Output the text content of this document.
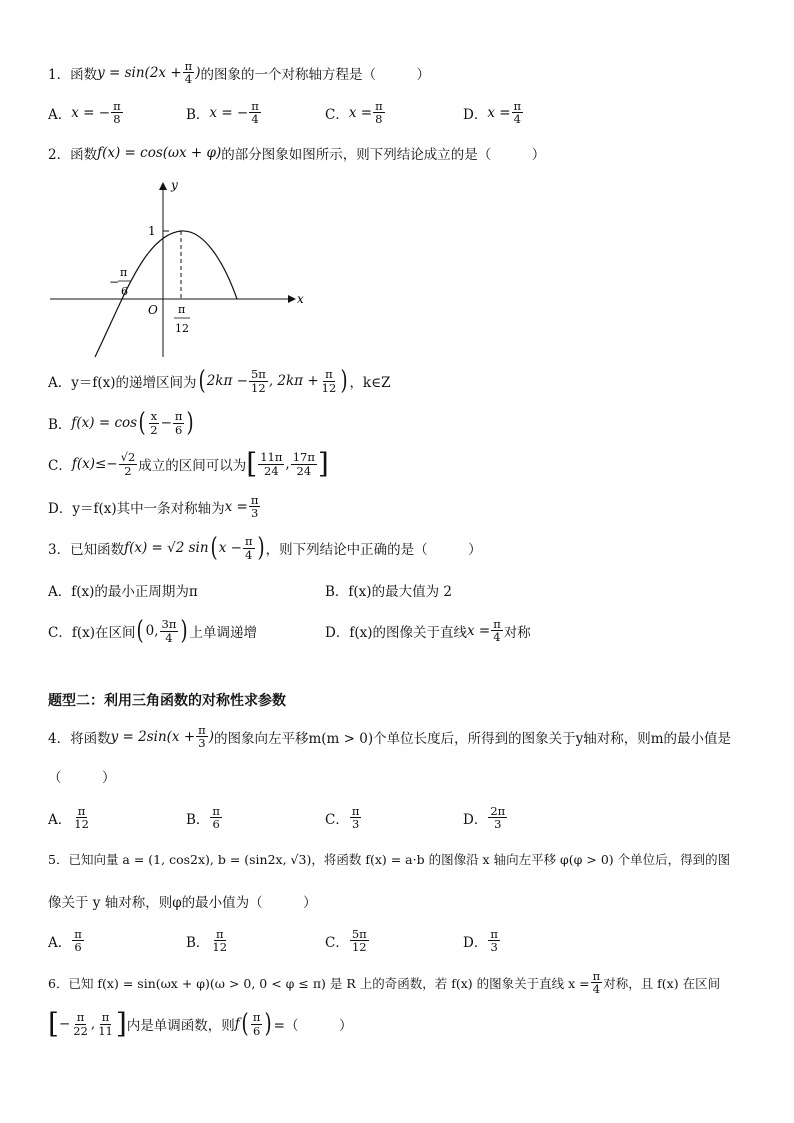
1．函数 $y = \sin(2x + \frac{\pi}{4}$ ) 的图象的一个对称轴方程是（　　　）
A． x = − $\frac{\pi}{8}$	B． x = − $\frac{\pi}{4}$	C． $x = \frac{\pi}{8}$	D． $x = \frac{\pi}{4}$
2．函数 f(x) = cos(ωx + φ) 的部分图象如图所示，则下列结论成立的是（　　　）
y
x
O
1
−
π
6
π
12
A． y＝f(x)的递增区间为 ( $2k\pi - \frac{5\pi}{12}$ , $2k\pi + \frac{\pi}{12}$ ) ，k∈Z
B． f(x) = cos ( $\frac{x}{2} - \frac{\pi}{6}$ )
C． $f(x)\le- \frac{√2}{2}$ 成立的区间可以为 [ $\frac{11\pi}{24}$ , $\frac{17\pi}{24}$ ]
D． y＝f(x)其中一条对称轴为 $x = \frac{\pi}{3}$
3．已知函数 f(x) = √2 sin ( $x - \frac{\pi}{4}$ ) ，则下列结论中正确的是（　　　）
A．f(x)的最小正周期为π	B．f(x)的最大值为 2
C．f(x)在区间 ( 0, $\frac{3\pi}{4}$ ) 上单调递增	D．f(x)的图像关于直线 $x = \frac{\pi}{4}$ 对称
题型二：利用三角函数的对称性求参数
4．将函数 $y = 2\sin(x + \frac{\pi}{3}$ ) 的图象向左平移m(m > 0)个单位长度后，所得到的图象关于y轴对称，则m的最小值是
（　　　）
A． $\frac{\pi}{12}$	B． $\frac{\pi}{6}$	C． $\frac{\pi}{3}$	D． $\frac{2\pi}{3}$
5．已知向量 a = (1, cos2x), b = (sin2x, √3)，将函数 f(x) = a·b 的图像沿 x 轴向左平移 φ(φ > 0) 个单位后，得到的图
像关于 y 轴对称，则φ的最小值为（　　　）
A． $\frac{\pi}{6}$	B． $\frac{\pi}{12}$	C． $\frac{5\pi}{12}$	D． $\frac{\pi}{3}$
6．已知 f(x) = sin(ωx + φ)(ω > 0, 0 < φ ≤ π) 是 R 上的奇函数，若 f(x) 的图象关于直线 $x = \frac{\pi}{4}$ 对称，且 f(x) 在区间
[ − $\frac{\pi}{22}$ , $\frac{\pi}{11}$ ] 内是单调函数，则 f ( $\frac{\pi}{6}$ ) =（　　　）
